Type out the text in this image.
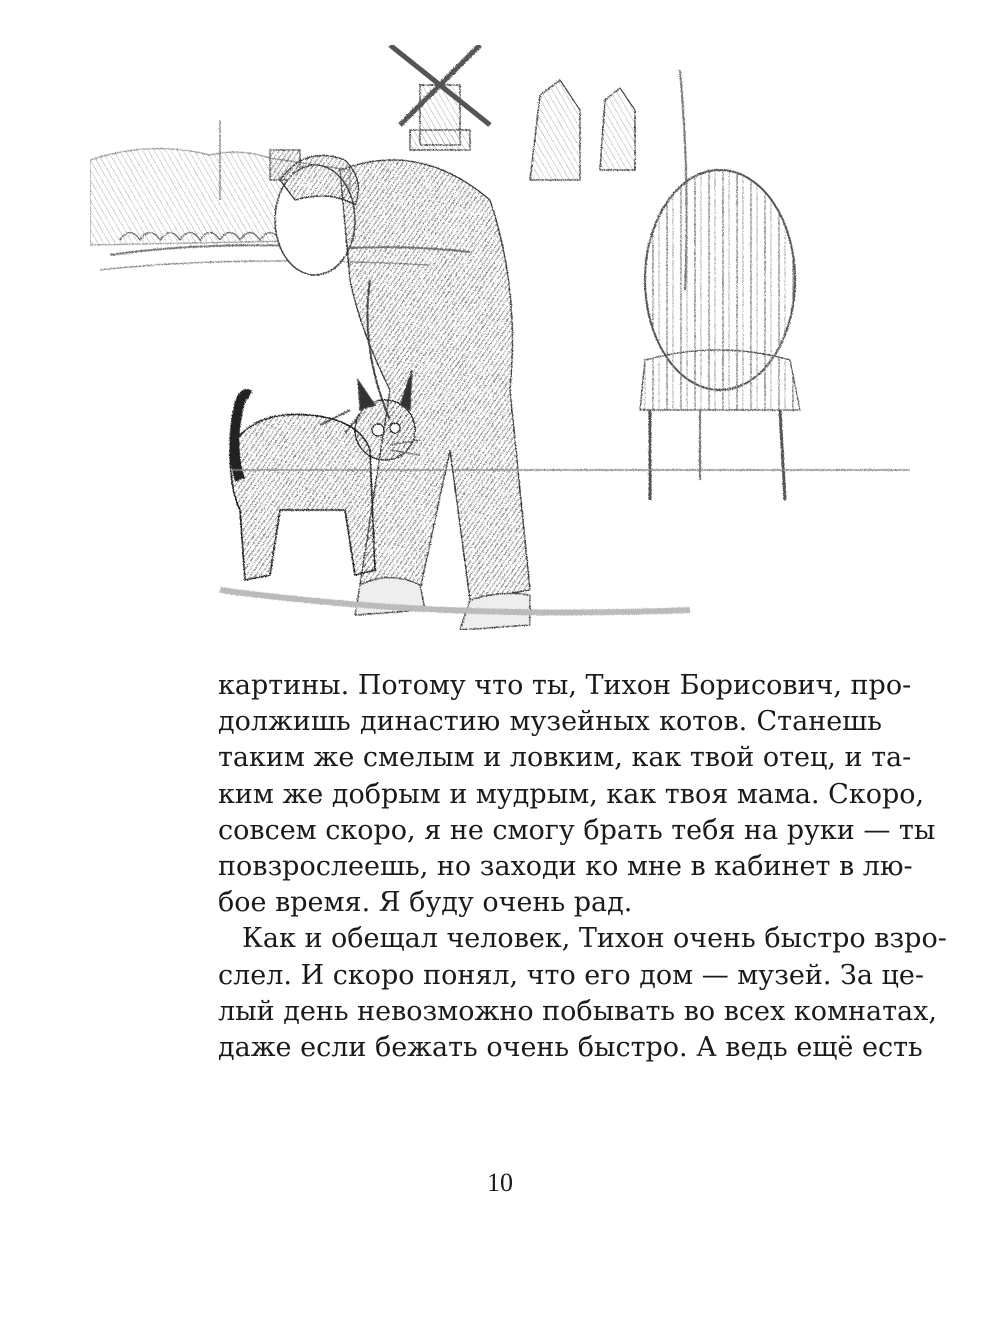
картины. Потому что ты, Тихон Борисович, про-
должишь династию музейных котов. Станешь
таким же смелым и ловким, как твой отец, и та-
ким же добрым и мудрым, как твоя мама. Скоро,
совсем скоро, я не смогу брать тебя на руки — ты
повзрослеешь, но заходи ко мне в кабинет в лю-
бое время. Я буду очень рад.
Как и обещал человек, Тихон очень быстро взро-
слел. И скоро понял, что его дом — музей. За це-
лый день невозможно побывать во всех комнатах,
даже если бежать очень быстро. А ведь ещё есть
10
